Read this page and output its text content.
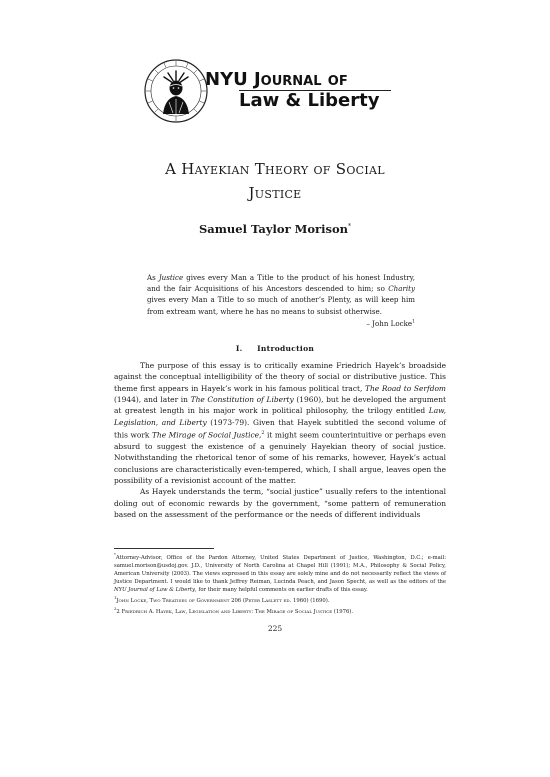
NYU Journal of
Law & Liberty
A Hayekian Theory of Social
Justice
Samuel Taylor Morison*
As Justice gives every Man a Title to the product of his honest Industry, and the fair Acquisitions of his Ancestors descended to him; so Charity gives every Man a Title to so much of another’s Plenty, as will keep him from extream want, where he has no means to subsist otherwise.
– John Locke$^1$
I.     Introduction

The purpose of this essay is to critically examine Friedrich Hayek’s broadside against the conceptual intelligibility of the theory of social or distributive justice. This theme first appears in Hayek’s work in his famous political tract, The Road to Serfdom (1944), and later in The Constitution of Liberty (1960), but he developed the argument at greatest length in his major work in political philosophy, the trilogy entitled Law, Legislation, and Liberty (1973-79). Given that Hayek subtitled the second volume of this work The Mirage of Social Justice,$^2$ it might seem counterintuitive or perhaps even absurd to suggest the existence of a genuinely Hayekian theory of social justice. Notwithstanding the rhetorical tenor of some of his remarks, however, Hayek’s actual conclusions are characteristically even-tempered, which, I shall argue, leaves open the possibility of a revisionist account of the matter.

As Hayek understands the term, “social justice” usually refers to the intentional doling out of economic rewards by the government, “some pattern of remuneration based on the assessment of the performance or the needs of different individuals

*Attorney-Advisor, Office of the Pardon Attorney, United States Department of Justice, Washington, D.C.; e-mail: samuel.morison@usdoj.gov. J.D., University of North Carolina at Chapel Hill (1991); M.A., Philosophy & Social Policy, American University (2003). The views expressed in this essay are solely mine and do not necessarily reflect the views of Justice Department. I would like to thank Jeffrey Reiman, Lucinda Peach, and Jason Specht, as well as the editors of the NYU Journal of Law & Liberty, for their many helpful comments on earlier drafts of this essay.

$^1$John Locke, Two Treatises of Government 206 (Peter Laslett ed. 1960) (1690).

$^2$2 Friedrich A. Hayek, Law, Legislation and Liberty: The Mirage of Social Justice (1976).

225
